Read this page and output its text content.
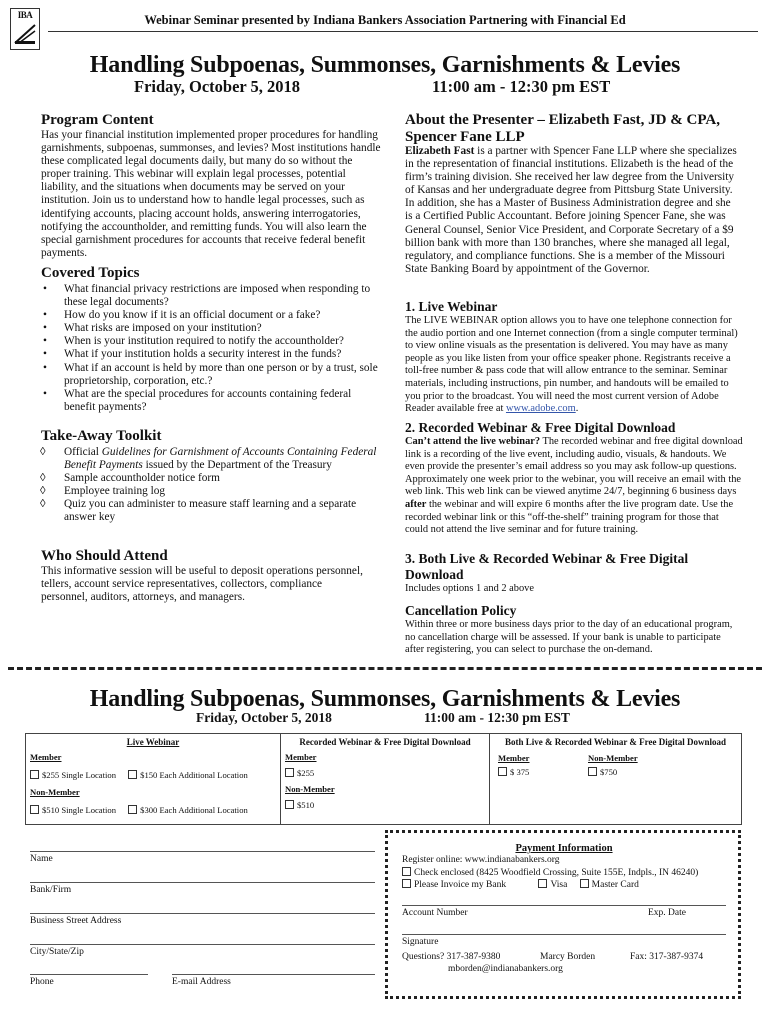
IBA	Webinar Seminar presented by Indiana Bankers Association Partnering with Financial Ed
Handling Subpoenas, Summonses, Garnishments & Levies
Friday, October 5, 2018	11:00 am - 12:30 pm EST
Program Content
Has your financial institution implemented proper procedures for handling garnishments, subpoenas, summonses, and levies? Most institutions handle these complicated legal documents daily, but many do so without the proper training. This webinar will explain legal processes, potential liability, and the situations when documents may be served on your institution. Join us to understand how to handle legal processes, such as identifying accounts, placing account holds, answering interrogatories, notifying the accountholder, and remitting funds. You will also learn the special garnishment procedures for accounts that receive federal benefit payments.
Covered Topics
• What financial privacy restrictions are imposed when responding to these legal documents?
• How do you know if it is an official document or a fake?
• What risks are imposed on your institution?
• When is your institution required to notify the accountholder?
• What if your institution holds a security interest in the funds?
• What if an account is held by more than one person or by a trust, sole proprietorship, corporation, etc.?
• What are the special procedures for accounts containing federal benefit payments?
Take-Away Toolkit
◊ Official Guidelines for Garnishment of Accounts Containing Federal Benefit Payments issued by the Department of the Treasury
◊ Sample accountholder notice form
◊ Employee training log
◊ Quiz you can administer to measure staff learning and a separate answer key
Who Should Attend
This informative session will be useful to deposit operations personnel, tellers, account service representatives, collectors, compliance personnel, auditors, attorneys, and managers.
About the Presenter – Elizabeth Fast, JD & CPA, Spencer Fane LLP
Elizabeth Fast is a partner with Spencer Fane LLP where she specializes in the representation of financial institutions. Elizabeth is the head of the firm’s training division. She received her law degree from the University of Kansas and her undergraduate degree from Pittsburg State University. In addition, she has a Master of Business Administration degree and she is a Certified Public Accountant. Before joining Spencer Fane, she was General Counsel, Senior Vice President, and Corporate Secretary of a $9 billion bank with more than 130 branches, where she managed all legal, regulatory, and compliance functions. She is a member of the Missouri State Banking Board by appointment of the Governor.
1. Live Webinar
The LIVE WEBINAR option allows you to have one telephone connection for the audio portion and one Internet connection (from a single computer terminal) to view online visuals as the presentation is delivered. You may have as many people as you like listen from your office speaker phone. Registrants receive a toll-free number & pass code that will allow entrance to the seminar. Seminar materials, including instructions, pin number, and handouts will be emailed to you prior to the broadcast. You will need the most current version of Adobe Reader available free at www.adobe.com.
2. Recorded Webinar & Free Digital Download
Can’t attend the live webinar? The recorded webinar and free digital download link is a recording of the live event, including audio, visuals, & handouts. We even provide the presenter’s email address so you may ask follow-up questions. Approximately one week prior to the webinar, you will receive an email with the web link. This web link can be viewed anytime 24/7, beginning 6 business days after the webinar and will expire 6 months after the live program date. Use the recorded webinar link or this “off-the-shelf” training program for those that could not attend the live seminar and for future training.
3. Both Live & Recorded Webinar & Free Digital Download
Includes options 1 and 2 above
Cancellation Policy
Within three or more business days prior to the day of an educational program, no cancellation charge will be assessed. If your bank is unable to participate after registering, you can select to purchase the on-demand.
Handling Subpoenas, Summonses, Garnishments & Levies
Friday, October 5, 2018	11:00 am - 12:30 pm EST
Live Webinar
Member
$255 Single Location	$150 Each Additional Location
Non-Member
$510 Single Location	$300 Each Additional Location

Recorded Webinar & Free Digital Download
Member
$255
Non-Member
$510

Both Live & Recorded Webinar & Free Digital Download
Member	Non-Member
$ 375	$750
Name
Bank/Firm
Business Street Address
City/State/Zip
Phone	E-mail Address
Payment Information
Register online: www.indianabankers.org
Check enclosed (8425 Woodfield Crossing, Suite 155E, Indpls., IN 46240)
Please Invoice my Bank	Visa	Master Card
Account Number	Exp. Date
Signature
Questions? 317-387-9380	Marcy Borden	Fax: 317-387-9374
mborden@indianabankers.org
